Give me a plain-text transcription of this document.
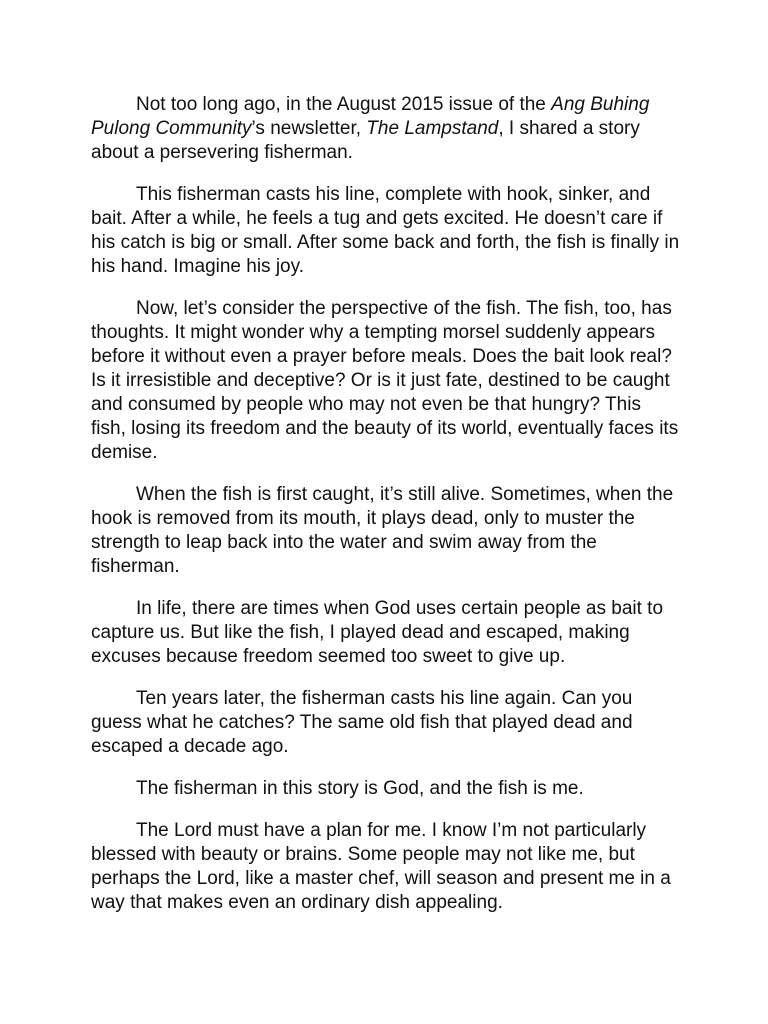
Not too long ago, in the August 2015 issue of the Ang Buhing Pulong Community’s newsletter, The Lampstand, I shared a story about a persevering fisherman.

This fisherman casts his line, complete with hook, sinker, and bait. After a while, he feels a tug and gets excited. He doesn’t care if his catch is big or small. After some back and forth, the fish is finally in his hand. Imagine his joy.

Now, let’s consider the perspective of the fish. The fish, too, has thoughts. It might wonder why a tempting morsel suddenly appears before it without even a prayer before meals. Does the bait look real? Is it irresistible and deceptive? Or is it just fate, destined to be caught and consumed by people who may not even be that hungry? This fish, losing its freedom and the beauty of its world, eventually faces its demise.

When the fish is first caught, it’s still alive. Sometimes, when the hook is removed from its mouth, it plays dead, only to muster the strength to leap back into the water and swim away from the fisherman.

In life, there are times when God uses certain people as bait to capture us. But like the fish, I played dead and escaped, making excuses because freedom seemed too sweet to give up.

Ten years later, the fisherman casts his line again. Can you guess what he catches? The same old fish that played dead and escaped a decade ago.

The fisherman in this story is God, and the fish is me.

The Lord must have a plan for me. I know I’m not particularly blessed with beauty or brains. Some people may not like me, but perhaps the Lord, like a master chef, will season and present me in a way that makes even an ordinary dish appealing.
